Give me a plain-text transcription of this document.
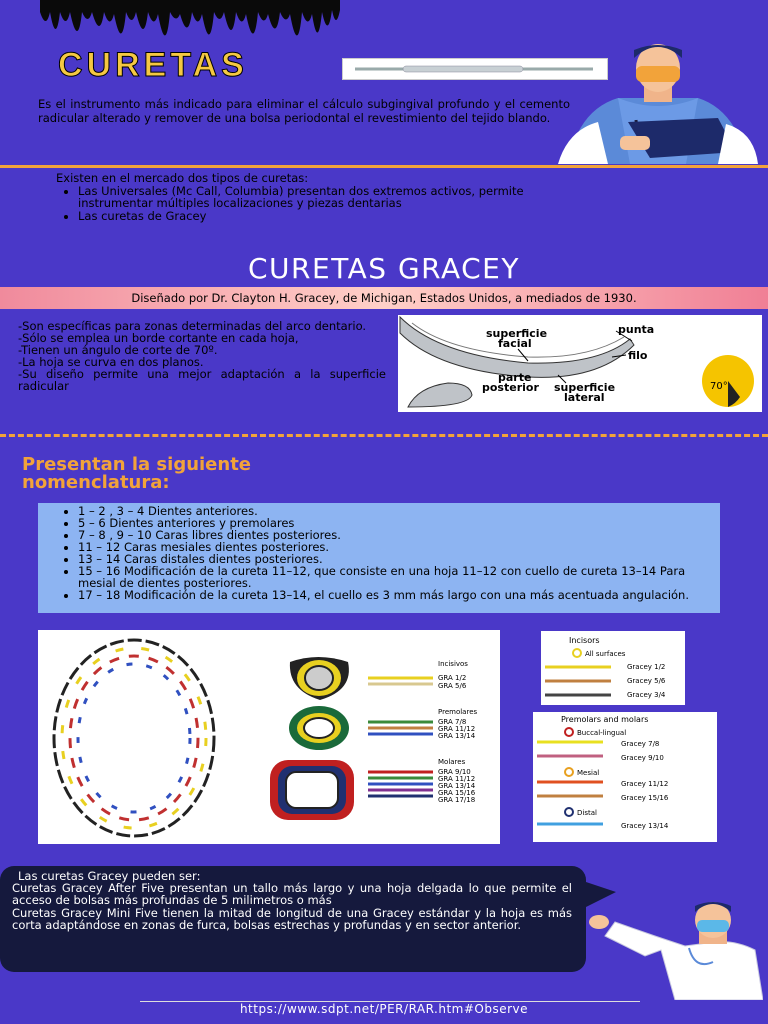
CURETAS
Es el instrumento más indicado para eliminar el cálculo subgingival profundo y el cemento radicular alterado y remover de una bolsa periodontal el revestimiento del tejido blando.
Existen en el mercado dos tipos de curetas:
• Las Universales (Mc Call, Columbia) presentan dos extremos activos, permite instrumentar múltiples localizaciones y piezas dentarias
• Las curetas de Gracey
CURETAS GRACEY
Diseñado por Dr. Clayton H. Gracey, de Michigan, Estados Unidos, a mediados de 1930.
-Son específicas para zonas determinadas del arco dentario.
-Sólo se emplea un borde cortante en cada hoja,
-Tienen un ángulo de corte de 70º.
-La hoja se curva en dos planos.
-Su diseño permite una mejor adaptación a la superficie radicular
superficie
facial
punta
filo
parte
posterior superficie
lateral
70°
Presentan la siguiente
nomenclatura:
• 1 – 2 , 3 – 4 Dientes anteriores.
• 5 – 6 Dientes anteriores y premolares
• 7 – 8 , 9 – 10 Caras libres dientes posteriores.
• 11 – 12 Caras mesiales dientes posteriores.
• 13 – 14 Caras distales dientes posteriores.
• 15 – 16 Modificación de la cureta 11–12, que consiste en una hoja 11–12 con cuello de cureta 13–14 Para mesial de dientes posteriores.
• 17 – 18 Modificación de la cureta 13–14, el cuello es 3 mm más largo con una más acentuada angulación.
Incisivos
GRA 1/2
GRA 5/6
Premolares
GRA 7/8
GRA 11/12
GRA 13/14
Molares
GRA 9/10
GRA 11/12
GRA 13/14
GRA 15/16
GRA 17/18
Incisors
All surfaces
Gracey 1/2
Gracey 5/6
Gracey 3/4
Premolars and molars
Buccal-lingual
Gracey 7/8
Gracey 9/10
Mesial
Gracey 11/12
Gracey 15/16
Distal
Gracey 13/14
Las curetas Gracey pueden ser:
Curetas Gracey After Five presentan un tallo más largo y una hoja delgada lo que permite el acceso de bolsas más profundas de 5 milimetros o más
Curetas Gracey Mini Five tienen la mitad de longitud de una Gracey estándar y la hoja es más corta adaptándose en zonas de furca, bolsas estrechas y profundas y en sector anterior.
https://www.sdpt.net/PER/RAR.htm#Observe
